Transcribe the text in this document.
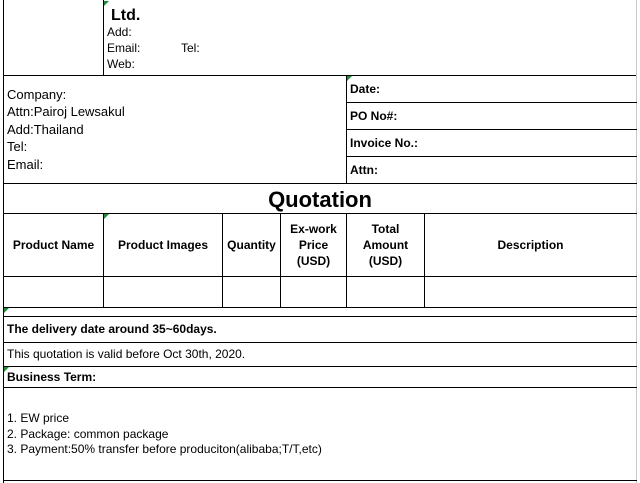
Ltd.
Add:
Email:	Tel:
Web:
Company:
Attn:Pairoj Lewsakul
Add:Thailand
Tel:
Email:
Date:
PO No#:
Invoice No.:
Attn:
Quotation
Product Name Product Images Quantity
Ex-work
Price
(USD)
Total
Amount
(USD)
Description
The delivery date around 35~60days.
This quotation is valid before Oct 30th, 2020.
Business Term:
1. EW price
2. Package: common package
3. Payment:50% transfer before produciton(alibaba;T/T,etc)
